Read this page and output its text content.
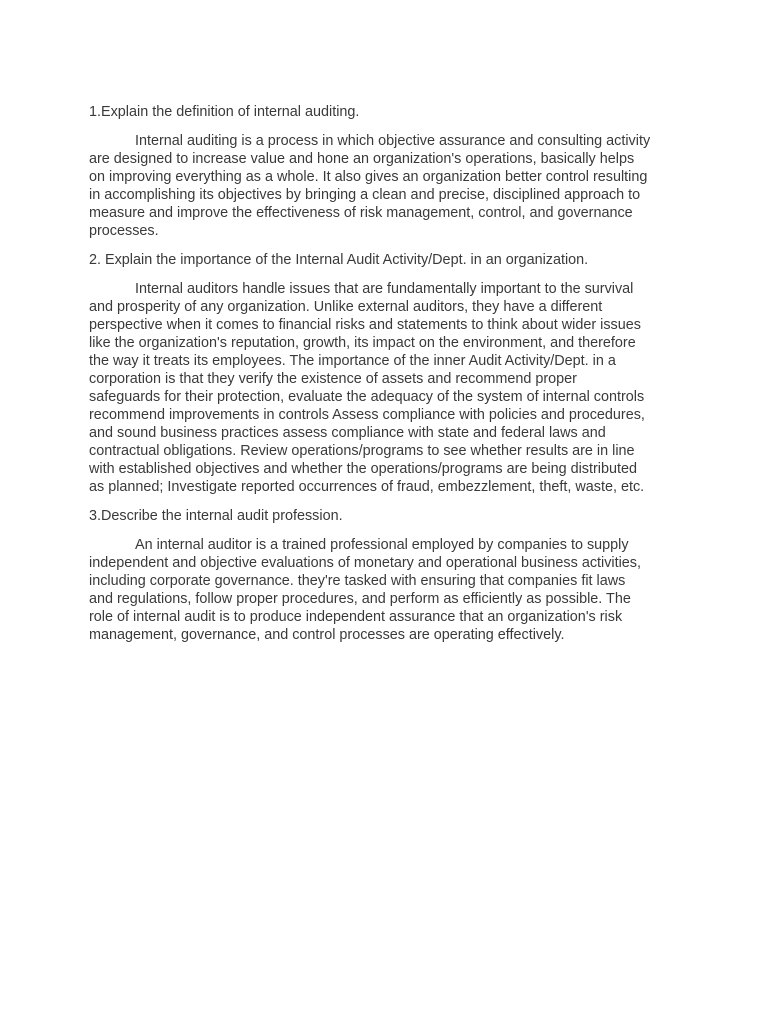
1.Explain the definition of internal auditing.

Internal auditing is a process in which objective assurance and consulting activity
are designed to increase value and hone an organization's operations, basically helps
on improving everything as a whole. It also gives an organization better control resulting
in accomplishing its objectives by bringing a clean and precise, disciplined approach to
measure and improve the effectiveness of risk management, control, and governance
processes.

2. Explain the importance of the Internal Audit Activity/Dept. in an organization.

Internal auditors handle issues that are fundamentally important to the survival
and prosperity of any organization. Unlike external auditors, they have a different
perspective when it comes to financial risks and statements to think about wider issues
like the organization's reputation, growth, its impact on the environment, and therefore
the way it treats its employees. The importance of the inner Audit Activity/Dept. in a
corporation is that they verify the existence of assets and recommend proper
safeguards for their protection, evaluate the adequacy of the system of internal controls
recommend improvements in controls Assess compliance with policies and procedures,
and sound business practices assess compliance with state and federal laws and
contractual obligations. Review operations/programs to see whether results are in line
with established objectives and whether the operations/programs are being distributed
as planned; Investigate reported occurrences of fraud, embezzlement, theft, waste, etc.

3.Describe the internal audit profession.

An internal auditor is a trained professional employed by companies to supply
independent and objective evaluations of monetary and operational business activities,
including corporate governance. they're tasked with ensuring that companies fit laws
and regulations, follow proper procedures, and perform as efficiently as possible. The
role of internal audit is to produce independent assurance that an organization's risk
management, governance, and control processes are operating effectively.
